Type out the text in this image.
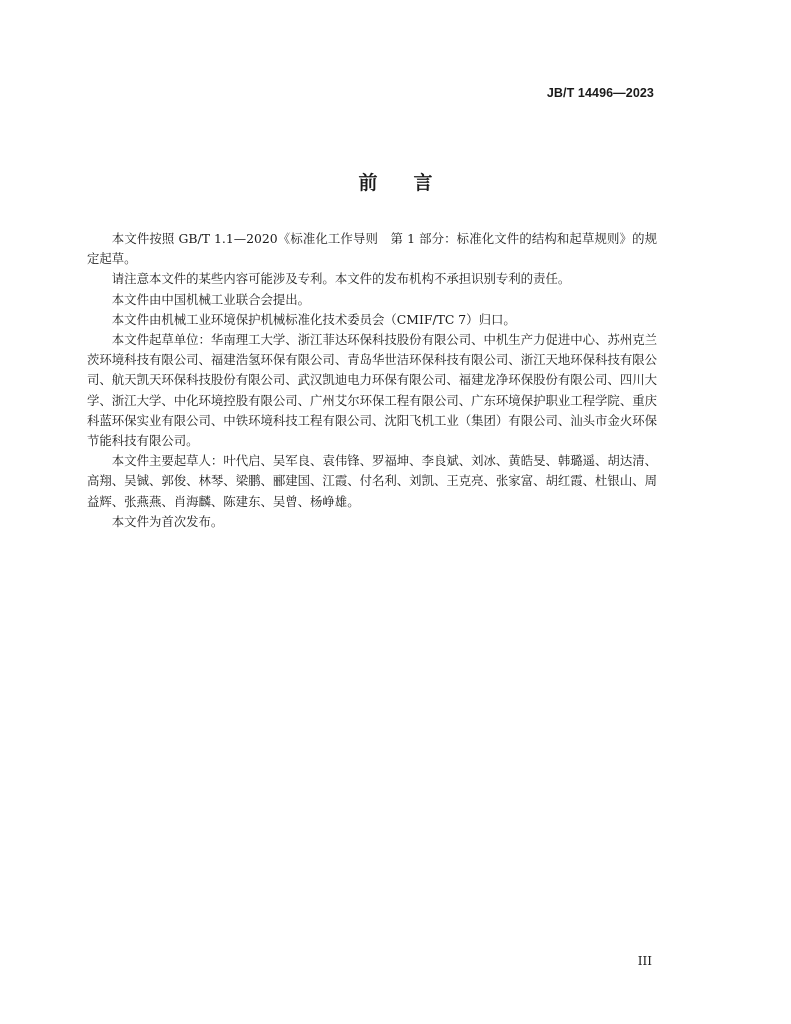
JB/T 14496—2023
前 言

本文件按照 GB/T 1.1—2020《标准化工作导则　第 1 部分：标准化文件的结构和起草规则》的规定起草。

请注意本文件的某些内容可能涉及专利。本文件的发布机构不承担识别专利的责任。

本文件由中国机械工业联合会提出。

本文件由机械工业环境保护机械标准化技术委员会（CMIF/TC 7）归口。

本文件起草单位：华南理工大学、浙江菲达环保科技股份有限公司、中机生产力促进中心、苏州克兰茨环境科技有限公司、福建浩氢环保有限公司、青岛华世洁环保科技有限公司、浙江天地环保科技有限公司、航天凯天环保科技股份有限公司、武汉凯迪电力环保有限公司、福建龙净环保股份有限公司、四川大学、浙江大学、中化环境控股有限公司、广州艾尔环保工程有限公司、广东环境保护职业工程学院、重庆科蓝环保实业有限公司、中铁环境科技工程有限公司、沈阳飞机工业（集团）有限公司、汕头市金火环保节能科技有限公司。

本文件主要起草人：叶代启、吴军良、袁伟锋、罗福坤、李良斌、刘冰、黄皓旻、韩璐遥、胡达清、高翔、吴铖、郭俊、林琴、梁鹏、郦建国、江霞、付名利、刘凯、王克亮、张家富、胡红霞、杜银山、周益辉、张燕燕、肖海麟、陈建东、吴曾、杨峥雄。

本文件为首次发布。

III
